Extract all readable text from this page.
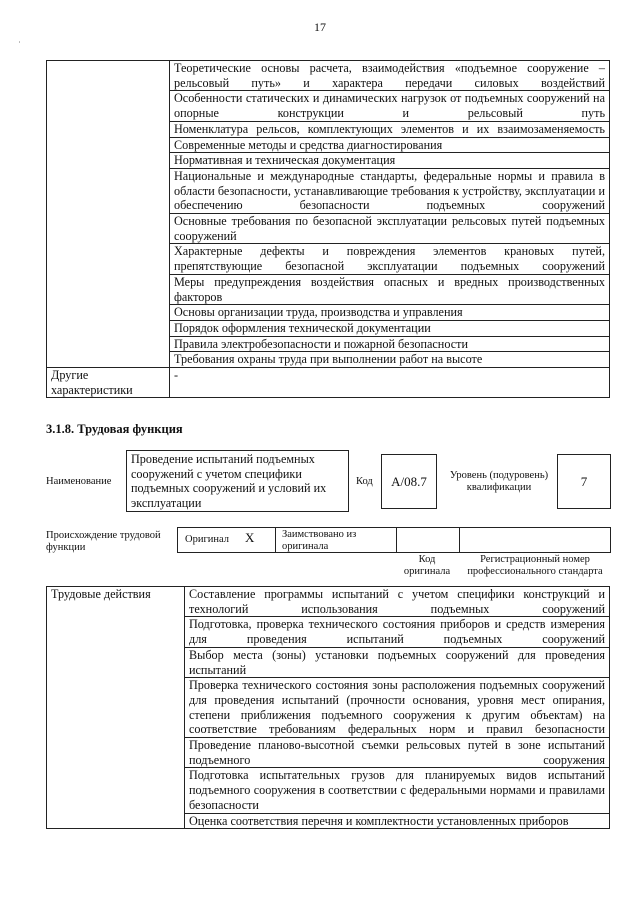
17
˙
	Теоретические основы расчета, взаимодействия «подъемное сооружение – рельсовый путь» и характера передачи силовых воздействий
	Особенности статических и динамических нагрузок от подъемных сооружений на опорные конструкции и рельсовый путь
	Номенклатура рельсов, комплектующих элементов и их взаимозаменяемость
	Современные методы и средства диагностирования
	Нормативная и техническая документация
	Национальные и международные стандарты, федеральные нормы и правила в области безопасности, устанавливающие требования к устройству, эксплуатации и обеспечению безопасности подъемных сооружений
	Основные требования по безопасной эксплуатации рельсовых путей подъемных сооружений
	Характерные дефекты и повреждения элементов крановых путей, препятствующие безопасной эксплуатации подъемных сооружений
	Меры предупреждения воздействия опасных и вредных производственных факторов
	Основы организации труда, производства и управления
	Порядок оформления технической документации
	Правила электробезопасности и пожарной безопасности
	Требования охраны труда при выполнении работ на высоте
Другие характеристики	-
3.1.8. Трудовая функция
Наименование
Проведение испытаний подъемных сооружений с учетом специфики подъемных сооружений и условий их эксплуатации
Код	А/08.7	Уровень (подуровень) квалификации	7
Происхождение трудовой функции
Оригинал X	Заимствовано из оригинала
Код оригинала
Регистрационный номер профессионального стандарта
Трудовые действия	Составление программы испытаний с учетом специфики конструкций и технологий использования подъемных сооружений
Подготовка, проверка технического состояния приборов и средств измерения для проведения испытаний подъемных сооружений
Выбор места (зоны) установки подъемных сооружений для проведения испытаний
Проверка технического состояния зоны расположения подъемных сооружений для проведения испытаний (прочности основания, уровня мест опирания, степени приближения подъемного сооружения к другим объектам) на соответствие требованиям федеральных норм и правил безопасности
Проведение планово-высотной съемки рельсовых путей в зоне испытаний подъемного сооружения
Подготовка испытательных грузов для планируемых видов испытаний подъемного сооружения в соответствии с федеральными нормами и правилами безопасности
Оценка соответствия перечня и комплектности установленных приборов
